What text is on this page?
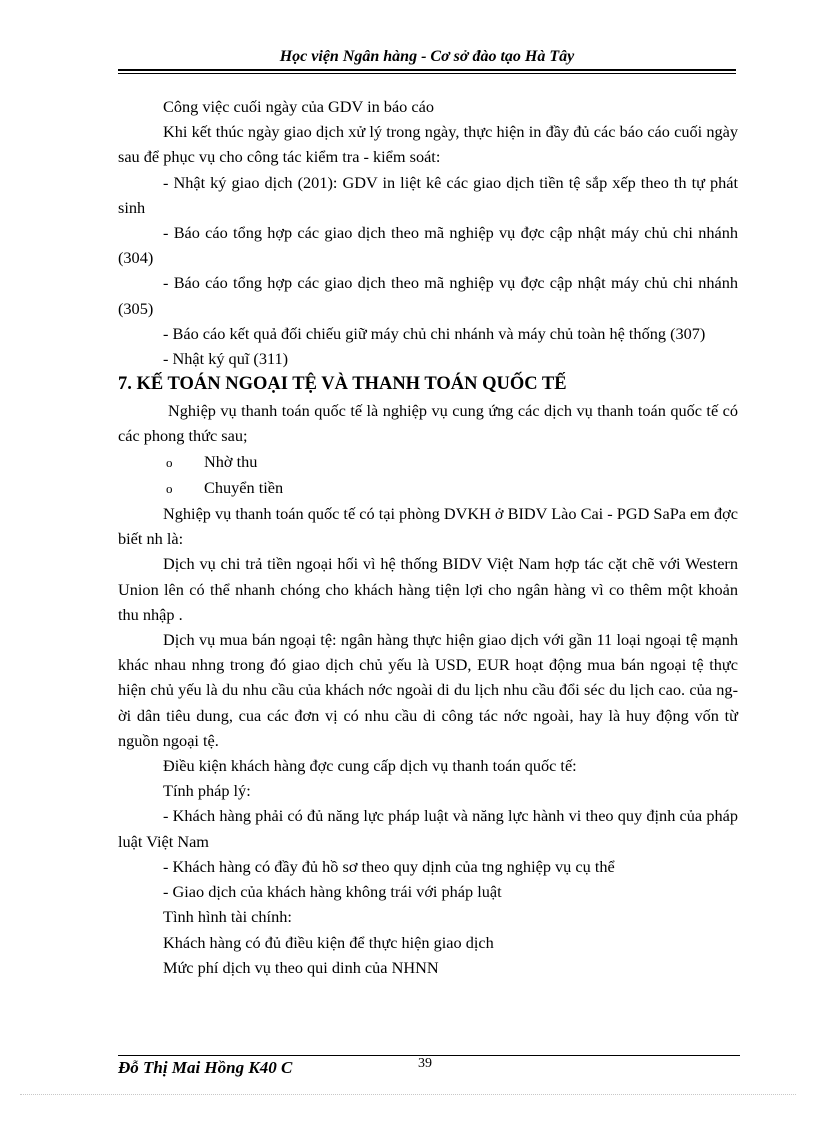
Học viện Ngân hàng - Cơ sở đào tạo Hà Tây

Công việc cuối ngày của GDV in báo cáo

Khi kết thúc ngày giao dịch xử lý trong ngày, thực hiện in đầy đủ các báo cáo cuối ngày sau để phục vụ cho công tác kiểm tra - kiểm soát:

- Nhật ký giao dịch (201): GDV in liệt kê các giao dịch tiền tệ sắp xếp theo th tự phát sinh

- Báo cáo tổng hợp các giao dịch theo mã nghiệp vụ đợc cập nhật máy chủ chi nhánh (304)

- Báo cáo tổng hợp các giao dịch theo mã nghiệp vụ đợc cập nhật máy chủ chi nhánh (305)

- Báo cáo kết quả đối chiếu giữ máy chủ chi nhánh và máy chủ toàn hệ thống (307)

- Nhật ký quĩ (311)

7. KẾ TOÁN NGOẠI TỆ VÀ THANH TOÁN QUỐC TẾ

Nghiệp vụ thanh toán quốc tế là nghiệp vụ cung ứng các dịch vụ thanh toán quốc tế có các phong thức sau;

o	Nhờ thu
o	Chuyển tiền

Nghiệp vụ thanh toán quốc tế có tại phòng DVKH ở BIDV Lào Cai - PGD SaPa em đợc biết nh là:

Dịch vụ chi trả tiền ngoại hối vì hệ thống BIDV Việt Nam hợp tác cặt chẽ với Western Union lên có thể nhanh chóng cho khách hàng tiện lợi cho ngân hàng vì co thêm một khoản thu nhập .

Dịch vụ mua bán ngoại tệ: ngân hàng thực hiện giao dịch với gần 11 loại ngoại tệ mạnh khác nhau nhng trong đó giao dịch chủ yếu là USD, EUR hoạt động mua bán ngoại tệ thực hiện chủ yếu là du nhu cầu của khách nớc ngoài di du lịch nhu cầu đổi séc du lịch cao. của ngời dân tiêu dung, cua các đơn vị có nhu cầu di công tác nớc ngoài, hay là huy động vốn từ nguồn ngoại tệ.

Điều kiện khách hàng đợc cung cấp dịch vụ thanh toán quốc tế:

Tính pháp lý:

- Khách hàng phải có đủ năng lực pháp luật và năng lực hành vi theo quy định của pháp luật Việt Nam

- Khách hàng có đầy đủ hồ sơ theo quy dịnh của tng nghiệp vụ cụ thể

- Giao dịch của khách hàng không trái với pháp luật

Tình hình tài chính:

Khách hàng có đủ điều kiện để thực hiện giao dịch

Mức phí dịch vụ theo qui dinh của NHNN

Đỗ Thị Mai Hồng K40 C	39
